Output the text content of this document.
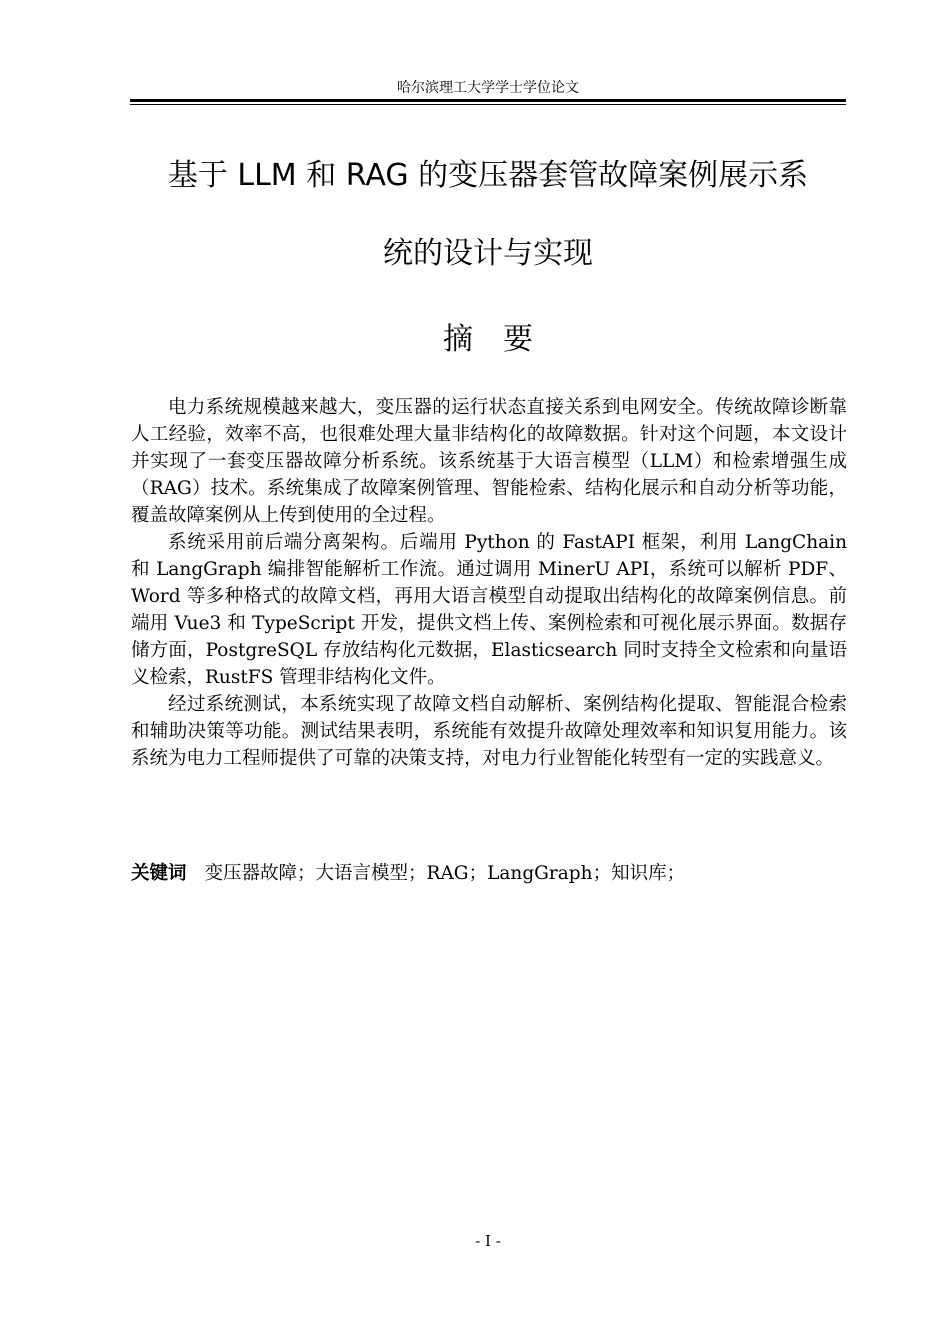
哈尔滨理工大学学士学位论文
基于 LLM 和 RAG 的变压器套管故障案例展示系
统的设计与实现
摘要

电力系统规模越来越大，变压器的运行状态直接关系到电网安全。传统故障诊断靠人工经验，效率不高，也很难处理大量非结构化的故障数据。针对这个问题，本文设计并实现了一套变压器故障分析系统。该系统基于大语言模型（LLM）和检索增强生成（RAG）技术。系统集成了故障案例管理、智能检索、结构化展示和自动分析等功能，覆盖故障案例从上传到使用的全过程。

系统采用前后端分离架构。后端用 Python 的 FastAPI 框架，利用 LangChain 和 LangGraph 编排智能解析工作流。通过调用 MinerU API，系统可以解析 PDF、Word 等多种格式的故障文档，再用大语言模型自动提取出结构化的故障案例信息。前端用 Vue3 和 TypeScript 开发，提供文档上传、案例检索和可视化展示界面。数据存储方面，PostgreSQL 存放结构化元数据，Elasticsearch 同时支持全文检索和向量语义检索，RustFS 管理非结构化文件。

经过系统测试，本系统实现了故障文档自动解析、案例结构化提取、智能混合检索和辅助决策等功能。测试结果表明，系统能有效提升故障处理效率和知识复用能力。该系统为电力工程师提供了可靠的决策支持，对电力行业智能化转型有一定的实践意义。

关键词 变压器故障；大语言模型；RAG；LangGraph；知识库；
- I -
